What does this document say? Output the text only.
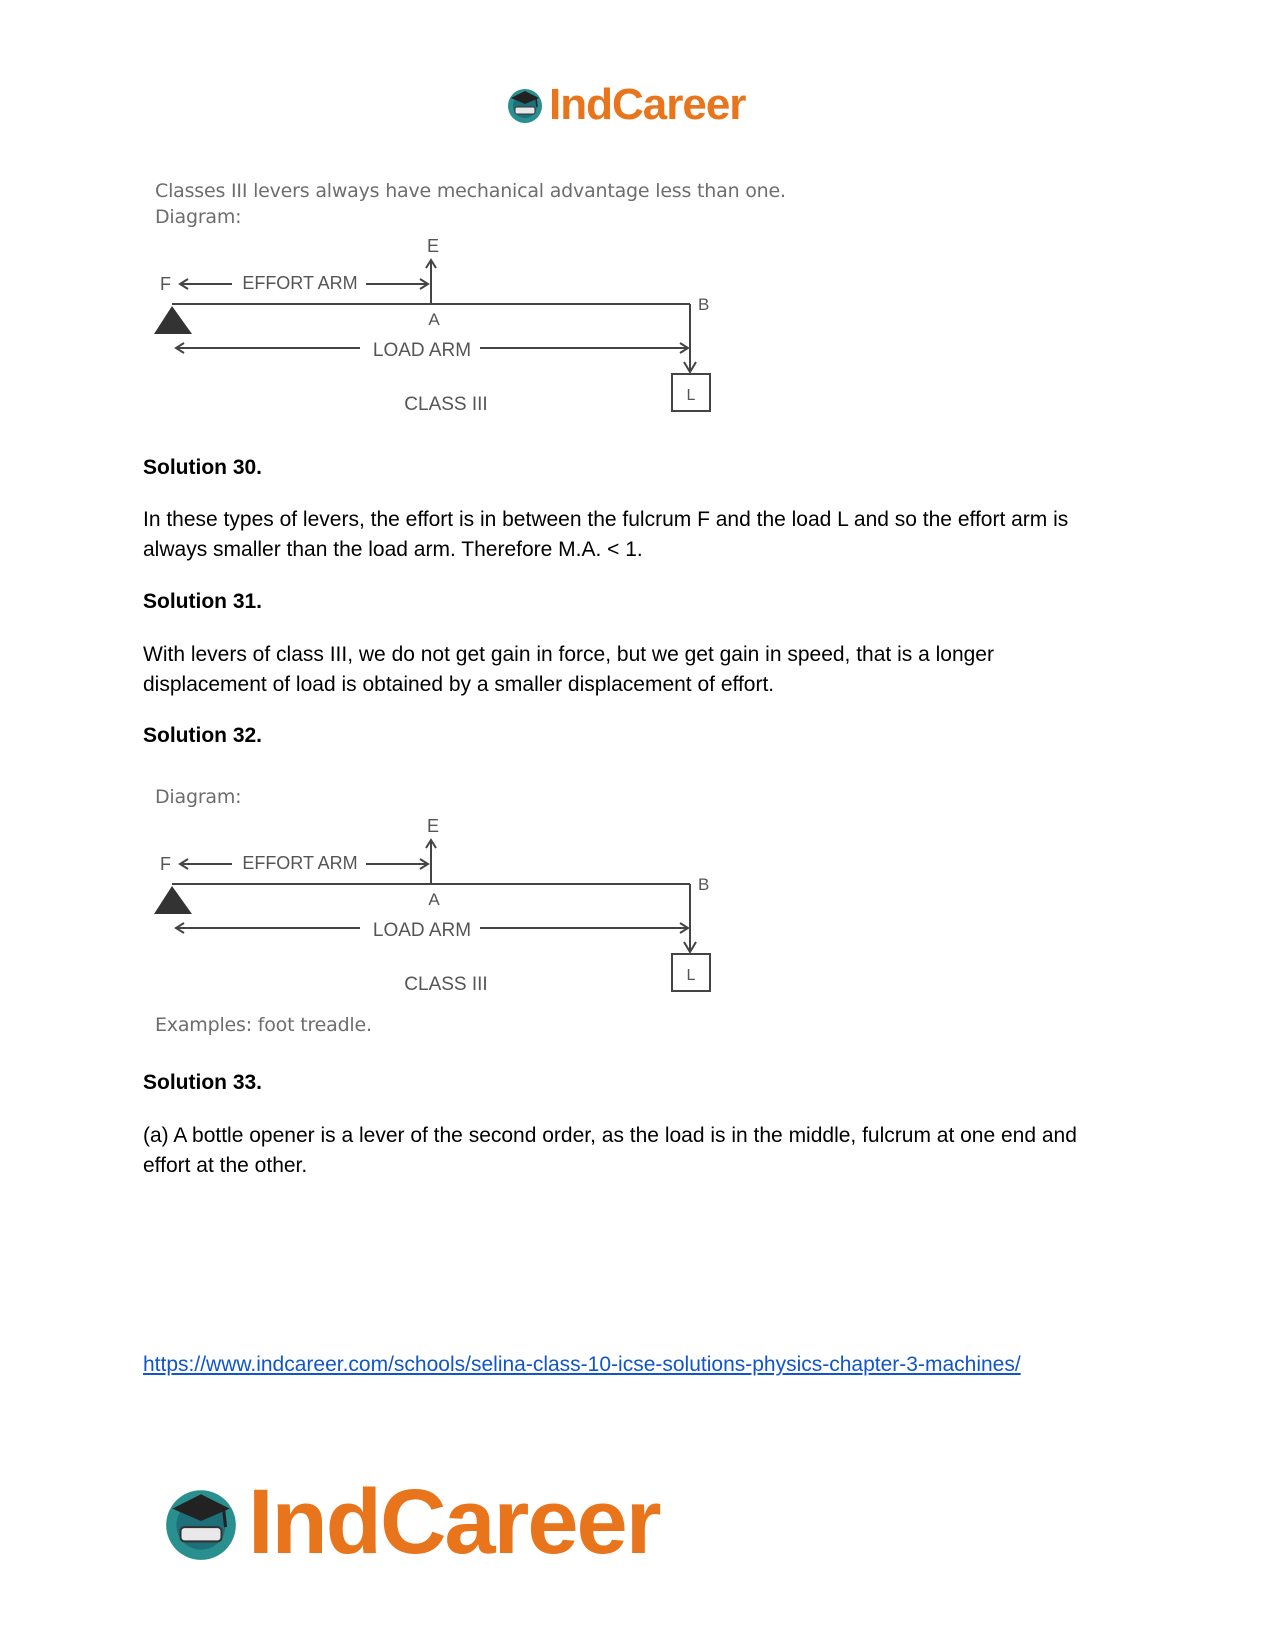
IndCareer
Classes III levers always have mechanical advantage less than one.
Diagram:
E
F	EFFORT ARM
A
B
LOAD ARM
CLASS III	L
Solution 30.
In these types of levers, the effort is in between the fulcrum F and the load L and so the effort arm is always smaller than the load arm. Therefore M.A. < 1.
Solution 31.
With levers of class III, we do not get gain in force, but we get gain in speed, that is a longer displacement of load is obtained by a smaller displacement of effort.
Solution 32.
Diagram:
E
F	EFFORT ARM
A
B
LOAD ARM
CLASS III	L
Examples: foot treadle.
Solution 33.
(a) A bottle opener is a lever of the second order, as the load is in the middle, fulcrum at one end and effort at the other.
https://www.indcareer.com/schools/selina-class-10-icse-solutions-physics-chapter-3-machines/
IndCareer
